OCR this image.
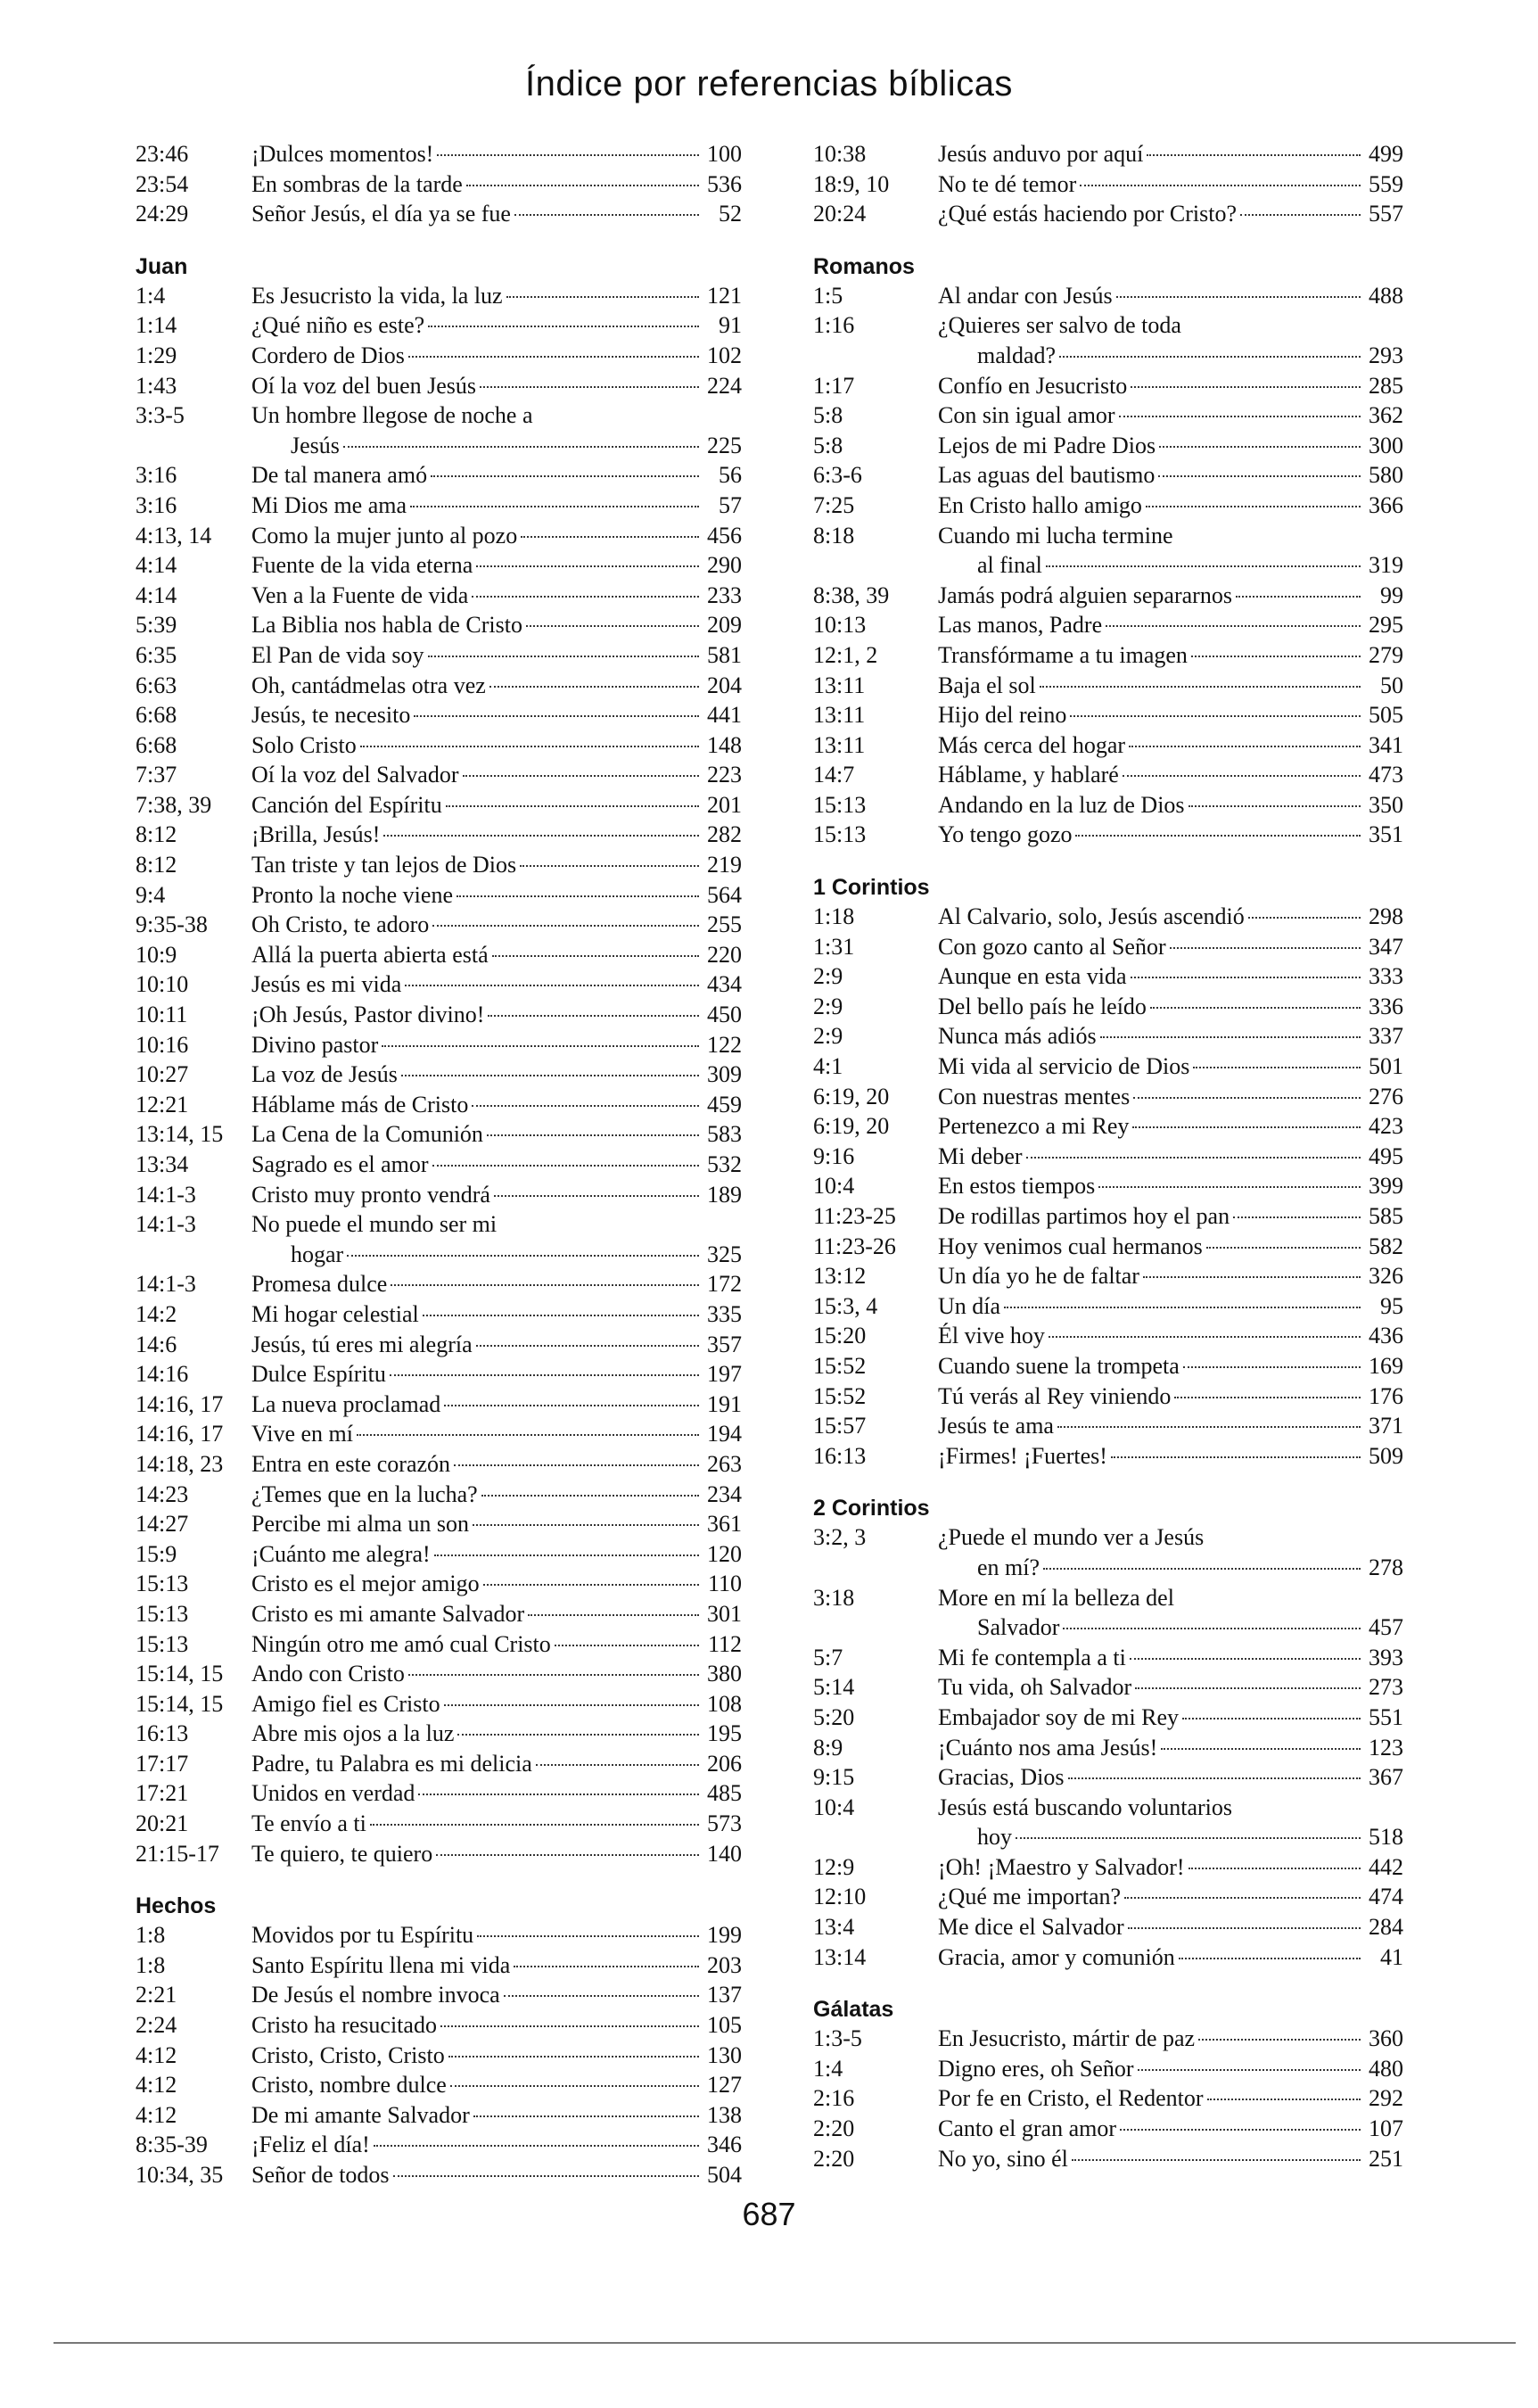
Índice por referencias bíblicas
23:46	¡Dulces momentos!	100
23:54	En sombras de la tarde	536
24:29	Señor Jesús, el día ya se fue	52
Juan
1:4	Es Jesucristo la vida, la luz	121
1:14	¿Qué niño es este?	91
1:29	Cordero de Dios	102
1:43	Oí la voz del buen Jesús	224
3:3-5	Un hombre llegose de noche a
Jesús	225
3:16	De tal manera amó	56
3:16	Mi Dios me ama	57
4:13, 14	Como la mujer junto al pozo	456
4:14	Fuente de la vida eterna	290
4:14	Ven a la Fuente de vida	233
5:39	La Biblia nos habla de Cristo	209
6:35	El Pan de vida soy	581
6:63	Oh, cantádmelas otra vez	204
6:68	Jesús, te necesito	441
6:68	Solo Cristo	148
7:37	Oí la voz del Salvador	223
7:38, 39	Canción del Espíritu	201
8:12	¡Brilla, Jesús!	282
8:12	Tan triste y tan lejos de Dios	219
9:4	Pronto la noche viene	564
9:35-38	Oh Cristo, te adoro	255
10:9	Allá la puerta abierta está	220
10:10	Jesús es mi vida	434
10:11	¡Oh Jesús, Pastor divino!	450
10:16	Divino pastor	122
10:27	La voz de Jesús	309
12:21	Háblame más de Cristo	459
13:14, 15	La Cena de la Comunión	583
13:34	Sagrado es el amor	532
14:1-3	Cristo muy pronto vendrá	189
14:1-3	No puede el mundo ser mi
hogar	325
14:1-3	Promesa dulce	172
14:2	Mi hogar celestial	335
14:6	Jesús, tú eres mi alegría	357
14:16	Dulce Espíritu	197
14:16, 17	La nueva proclamad	191
14:16, 17	Vive en mí	194
14:18, 23	Entra en este corazón	263
14:23	¿Temes que en la lucha?	234
14:27	Percibe mi alma un son	361
15:9	¡Cuánto me alegra!	120
15:13	Cristo es el mejor amigo	110
15:13	Cristo es mi amante Salvador	301
15:13	Ningún otro me amó cual Cristo	112
15:14, 15	Ando con Cristo	380
15:14, 15	Amigo fiel es Cristo	108
16:13	Abre mis ojos a la luz	195
17:17	Padre, tu Palabra es mi delicia	206
17:21	Unidos en verdad	485
20:21	Te envío a ti	573
21:15-17	Te quiero, te quiero	140
Hechos
1:8	Movidos por tu Espíritu	199
1:8	Santo Espíritu llena mi vida	203
2:21	De Jesús el nombre invoca	137
2:24	Cristo ha resucitado	105
4:12	Cristo, Cristo, Cristo	130
4:12	Cristo, nombre dulce	127
4:12	De mi amante Salvador	138
8:35-39	¡Feliz el día!	346
10:34, 35	Señor de todos	504
10:38	Jesús anduvo por aquí	499
18:9, 10	No te dé temor	559
20:24	¿Qué estás haciendo por Cristo?	557
Romanos
1:5	Al andar con Jesús	488
1:16	¿Quieres ser salvo de toda
maldad?	293
1:17	Confío en Jesucristo	285
5:8	Con sin igual amor	362
5:8	Lejos de mi Padre Dios	300
6:3-6	Las aguas del bautismo	580
7:25	En Cristo hallo amigo	366
8:18	Cuando mi lucha termine
al final	319
8:38, 39	Jamás podrá alguien separarnos	99
10:13	Las manos, Padre	295
12:1, 2	Transfórmame a tu imagen	279
13:11	Baja el sol	50
13:11	Hijo del reino	505
13:11	Más cerca del hogar	341
14:7	Háblame, y hablaré	473
15:13	Andando en la luz de Dios	350
15:13	Yo tengo gozo	351
1 Corintios
1:18	Al Calvario, solo, Jesús ascendió	298
1:31	Con gozo canto al Señor	347
2:9	Aunque en esta vida	333
2:9	Del bello país he leído	336
2:9	Nunca más adiós	337
4:1	Mi vida al servicio de Dios	501
6:19, 20	Con nuestras mentes	276
6:19, 20	Pertenezco a mi Rey	423
9:16	Mi deber	495
10:4	En estos tiempos	399
11:23-25	De rodillas partimos hoy el pan	585
11:23-26	Hoy venimos cual hermanos	582
13:12	Un día yo he de faltar	326
15:3, 4	Un día	95
15:20	Él vive hoy	436
15:52	Cuando suene la trompeta	169
15:52	Tú verás al Rey viniendo	176
15:57	Jesús te ama	371
16:13	¡Firmes! ¡Fuertes!	509
2 Corintios
3:2, 3	¿Puede el mundo ver a Jesús
en mí?	278
3:18	More en mí la belleza del
Salvador	457
5:7	Mi fe contempla a ti	393
5:14	Tu vida, oh Salvador	273
5:20	Embajador soy de mi Rey	551
8:9	¡Cuánto nos ama Jesús!	123
9:15	Gracias, Dios	367
10:4	Jesús está buscando voluntarios
hoy	518
12:9	¡Oh! ¡Maestro y Salvador!	442
12:10	¿Qué me importan?	474
13:4	Me dice el Salvador	284
13:14	Gracia, amor y comunión	41
Gálatas
1:3-5	En Jesucristo, mártir de paz	360
1:4	Digno eres, oh Señor	480
2:16	Por fe en Cristo, el Redentor	292
2:20	Canto el gran amor	107
2:20	No yo, sino él	251
687
